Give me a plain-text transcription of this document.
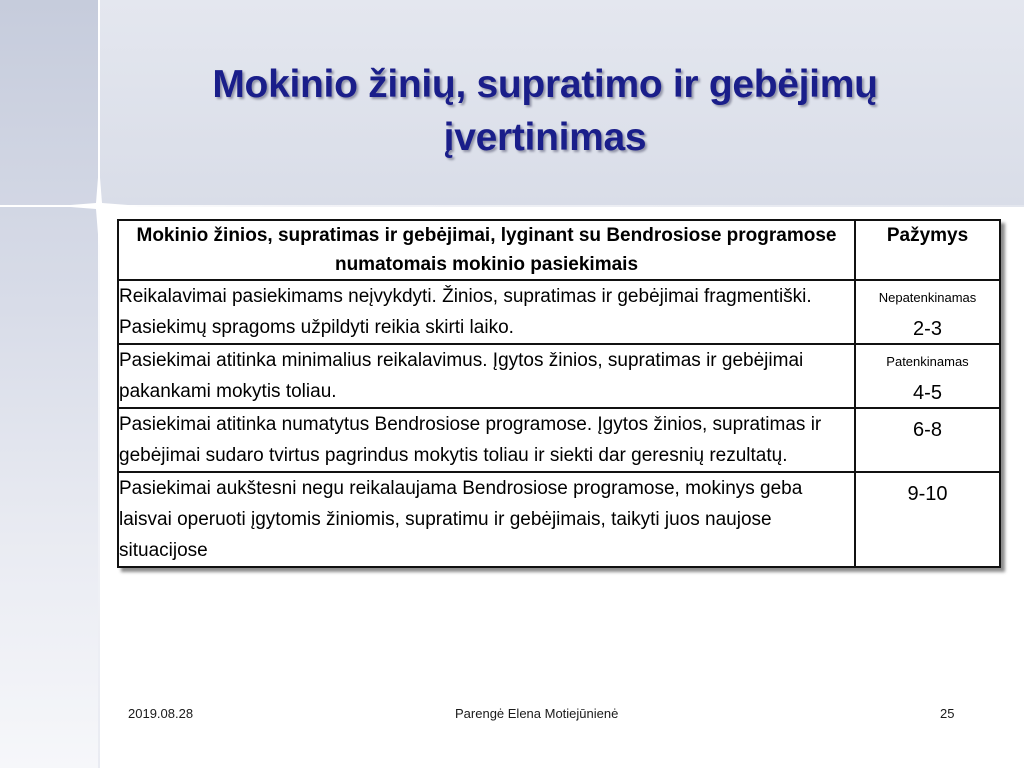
Mokinio žinių, supratimo ir gebėjimų įvertinimas
Mokinio žinios, supratimas ir gebėjimai, lyginant su Bendrosiose programose numatomais mokinio pasiekimais	Pažymys
Reikalavimai pasiekimams neįvykdyti. Žinios, supratimas ir gebėjimai fragmentiški. Pasiekimų spragoms užpildyti reikia skirti laiko.	Nepatenkinamas
2-3

Pasiekimai atitinka minimalius reikalavimus. Įgytos žinios, supratimas ir gebėjimai pakankami mokytis toliau.	Patenkinamas
4-5

Pasiekimai atitinka numatytus Bendrosiose programose. Įgytos žinios, supratimas ir gebėjimai sudaro tvirtus pagrindus mokytis toliau ir siekti dar geresnių rezultatų.	6-8

Pasiekimai aukštesni negu reikalaujama Bendrosiose programose, mokinys geba laisvai operuoti įgytomis žiniomis, supratimu ir gebėjimais, taikyti juos naujose situacijose	9-10
2019.08.28	Parengė Elena Motiejūnienė	25
